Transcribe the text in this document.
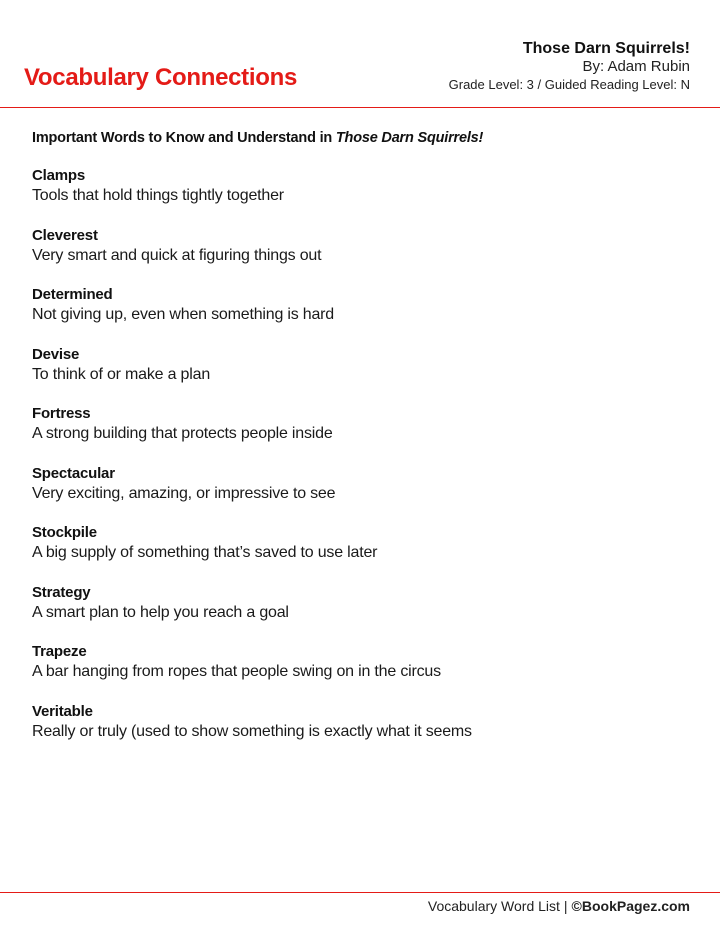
Vocabulary Connections
Those Darn Squirrels!
By: Adam Rubin
Grade Level: 3 / Guided Reading Level: N
Important Words to Know and Understand in Those Darn Squirrels!
Clamps
Tools that hold things tightly together
Cleverest
Very smart and quick at figuring things out
Determined
Not giving up, even when something is hard
Devise
To think of or make a plan
Fortress
A strong building that protects people inside
Spectacular
Very exciting, amazing, or impressive to see
Stockpile
A big supply of something that’s saved to use later
Strategy
A smart plan to help you reach a goal
Trapeze
A bar hanging from ropes that people swing on in the circus
Veritable
Really or truly (used to show something is exactly what it seems
Vocabulary Word List | ©BookPagez.com
